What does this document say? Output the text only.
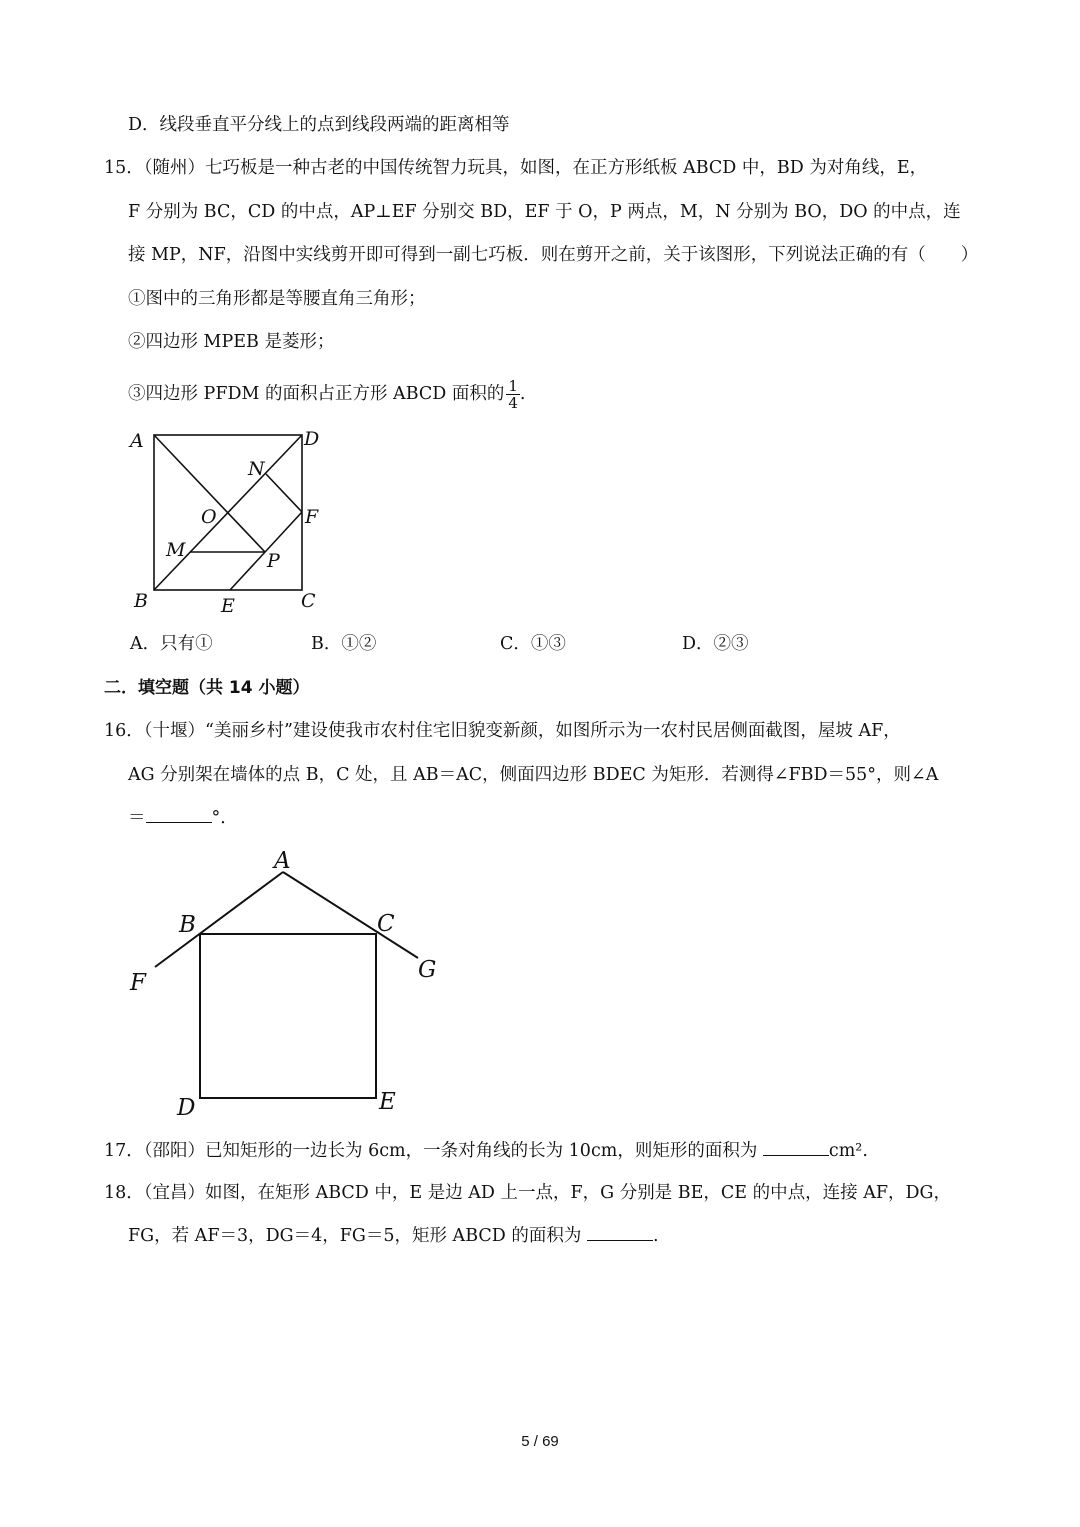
D．线段垂直平分线上的点到线段两端的距离相等
15．（随州）七巧板是一种古老的中国传统智力玩具，如图，在正方形纸板 ABCD 中，BD 为对角线，E，
F 分别为 BC，CD 的中点，AP⊥EF 分别交 BD，EF 于 O，P 两点，M，N 分别为 BO，DO 的中点，连
接 MP，NF，沿图中实线剪开即可得到一副七巧板．则在剪开之前，关于该图形，下列说法正确的有（　　）
①图中的三角形都是等腰直角三角形；
②四边形 MPEB 是菱形；
③四边形 PFDM 的面积占正方形 ABCD 面积的 $\frac{1}{4}$ .
A	D
N
O	F
M	P
B	E	C
A
B	C
F	G
D	E
A．只有①	B．①②	C．①③	D．②③
二．填空题（共 14 小题）
16．（十堰）“美丽乡村”建设使我市农村住宅旧貌变新颜，如图所示为一农村民居侧面截图，屋坡 AF，
AG 分别架在墙体的点 B，C 处，且 AB＝AC，侧面四边形 BDEC 为矩形．若测得∠FBD＝55°，则∠A
＝	°．
17．（邵阳）已知矩形的一边长为 6cm，一条对角线的长为 10cm，则矩形的面积为	cm².
18．（宜昌）如图，在矩形 ABCD 中，E 是边 AD 上一点，F，G 分别是 BE，CE 的中点，连接 AF，DG，
FG，若 AF＝3，DG＝4，FG＝5，矩形 ABCD 的面积为	.
5 / 69
